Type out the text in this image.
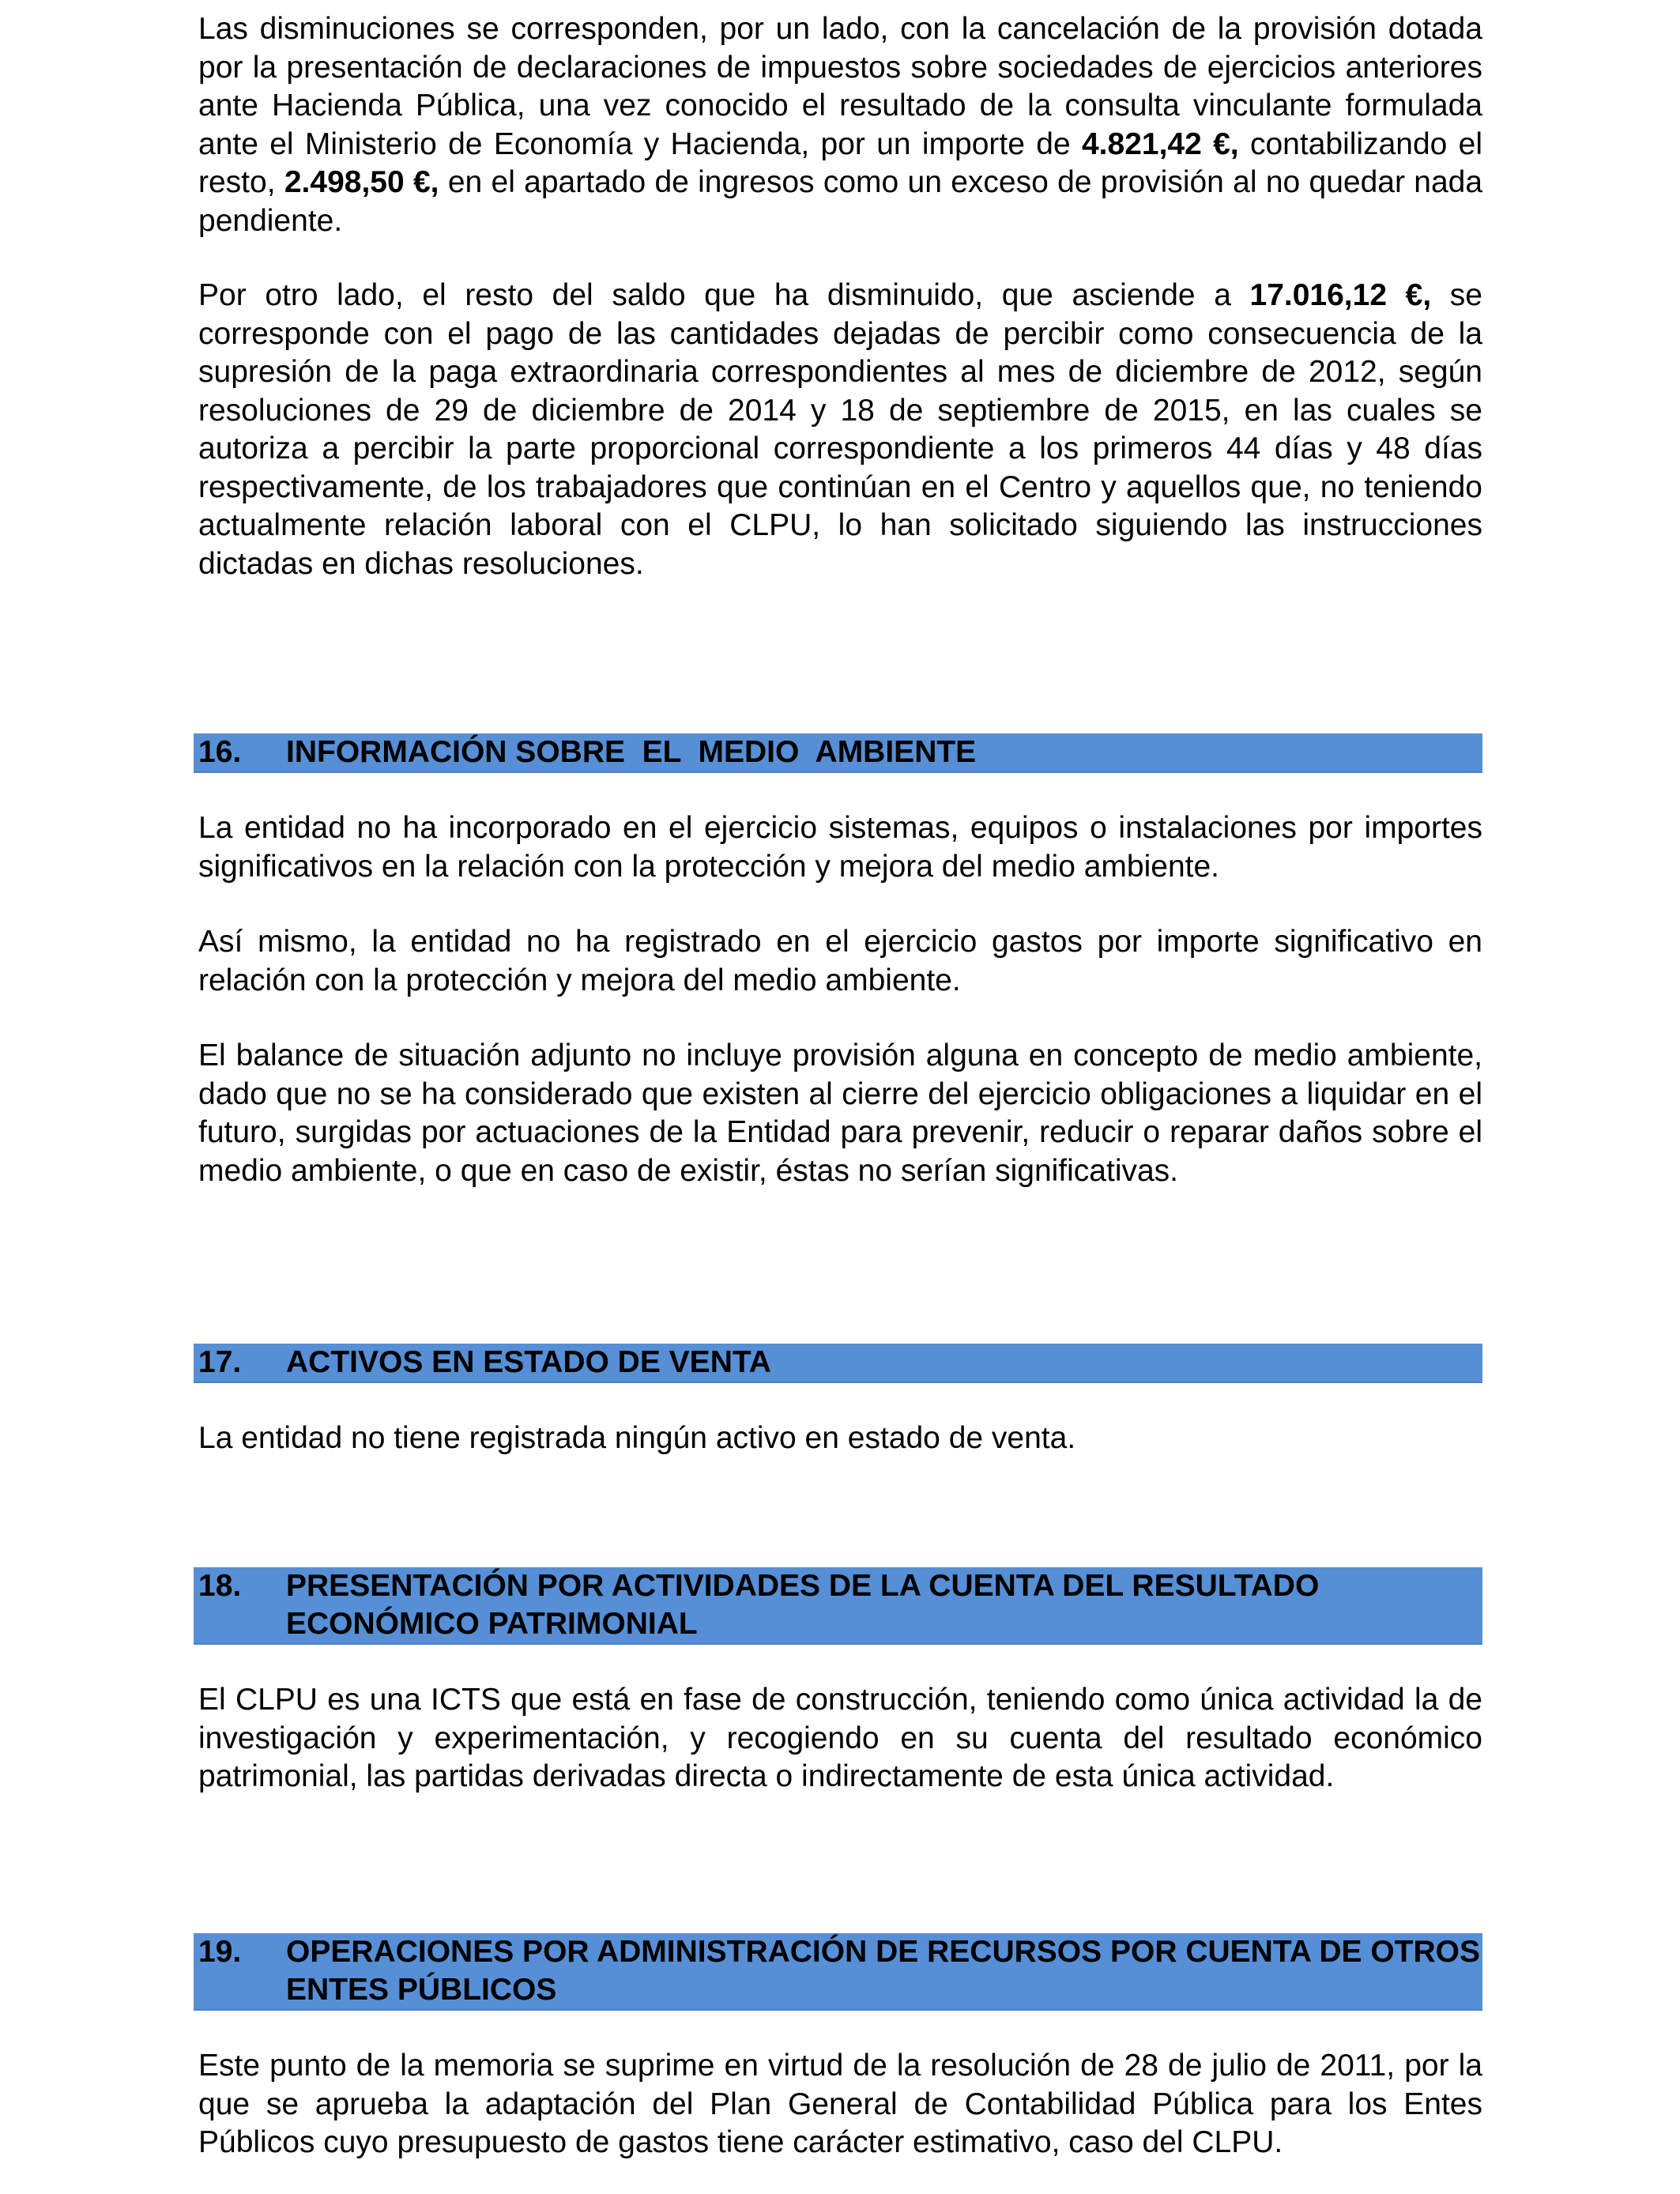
Las disminuciones se corresponden, por un lado, con la cancelación de la provisión dotada por la presentación de declaraciones de impuestos sobre sociedades de ejercicios anteriores ante Hacienda Pública, una vez conocido el resultado de la consulta vinculante formulada ante el Ministerio de Economía y Hacienda, por un importe de 4.821,42 €, contabilizando el resto, 2.498,50 €, en el apartado de ingresos como un exceso de provisión al no quedar nada pendiente.

Por otro lado, el resto del saldo que ha disminuido, que asciende a 17.016,12 €, se corresponde con el pago de las cantidades dejadas de percibir como consecuencia de la supresión de la paga extraordinaria correspondientes al mes de diciembre de 2012, según resoluciones de 29 de diciembre de 2014 y 18 de septiembre de 2015, en las cuales se autoriza a percibir la parte proporcional correspondiente a los primeros 44 días y 48 días respectivamente, de los trabajadores que continúan en el Centro y aquellos que, no teniendo actualmente relación laboral con el CLPU, lo han solicitado siguiendo las instrucciones dictadas en dichas resoluciones.

16.	INFORMACIÓN SOBRE  EL  MEDIO  AMBIENTE

La entidad no ha incorporado en el ejercicio sistemas, equipos o instalaciones por importes significativos en la relación con la protección y mejora del medio ambiente.

Así mismo, la entidad no ha registrado en el ejercicio gastos por importe significativo en relación con la protección y mejora del medio ambiente.

El balance de situación adjunto no incluye provisión alguna en concepto de medio ambiente, dado que no se ha considerado que existen al cierre del ejercicio obligaciones a liquidar en el futuro, surgidas por actuaciones de la Entidad para prevenir, reducir o reparar daños sobre el medio ambiente, o que en caso de existir, éstas no serían significativas.

17.	ACTIVOS EN ESTADO DE VENTA

La entidad no tiene registrada ningún activo en estado de venta.

18.	PRESENTACIÓN POR ACTIVIDADES DE LA CUENTA DEL RESULTADO ECONÓMICO PATRIMONIAL

El CLPU es una ICTS que está en fase de construcción, teniendo como única actividad la de investigación y experimentación, y recogiendo en su cuenta del resultado económico patrimonial, las partidas derivadas directa o indirectamente de esta única actividad.

19.	OPERACIONES POR ADMINISTRACIÓN DE RECURSOS POR CUENTA DE OTROS ENTES PÚBLICOS

Este punto de la memoria se suprime en virtud de la resolución de 28 de julio de 2011, por la que se aprueba la adaptación del Plan General de Contabilidad Pública para los Entes Públicos cuyo presupuesto de gastos tiene carácter estimativo, caso del CLPU.
